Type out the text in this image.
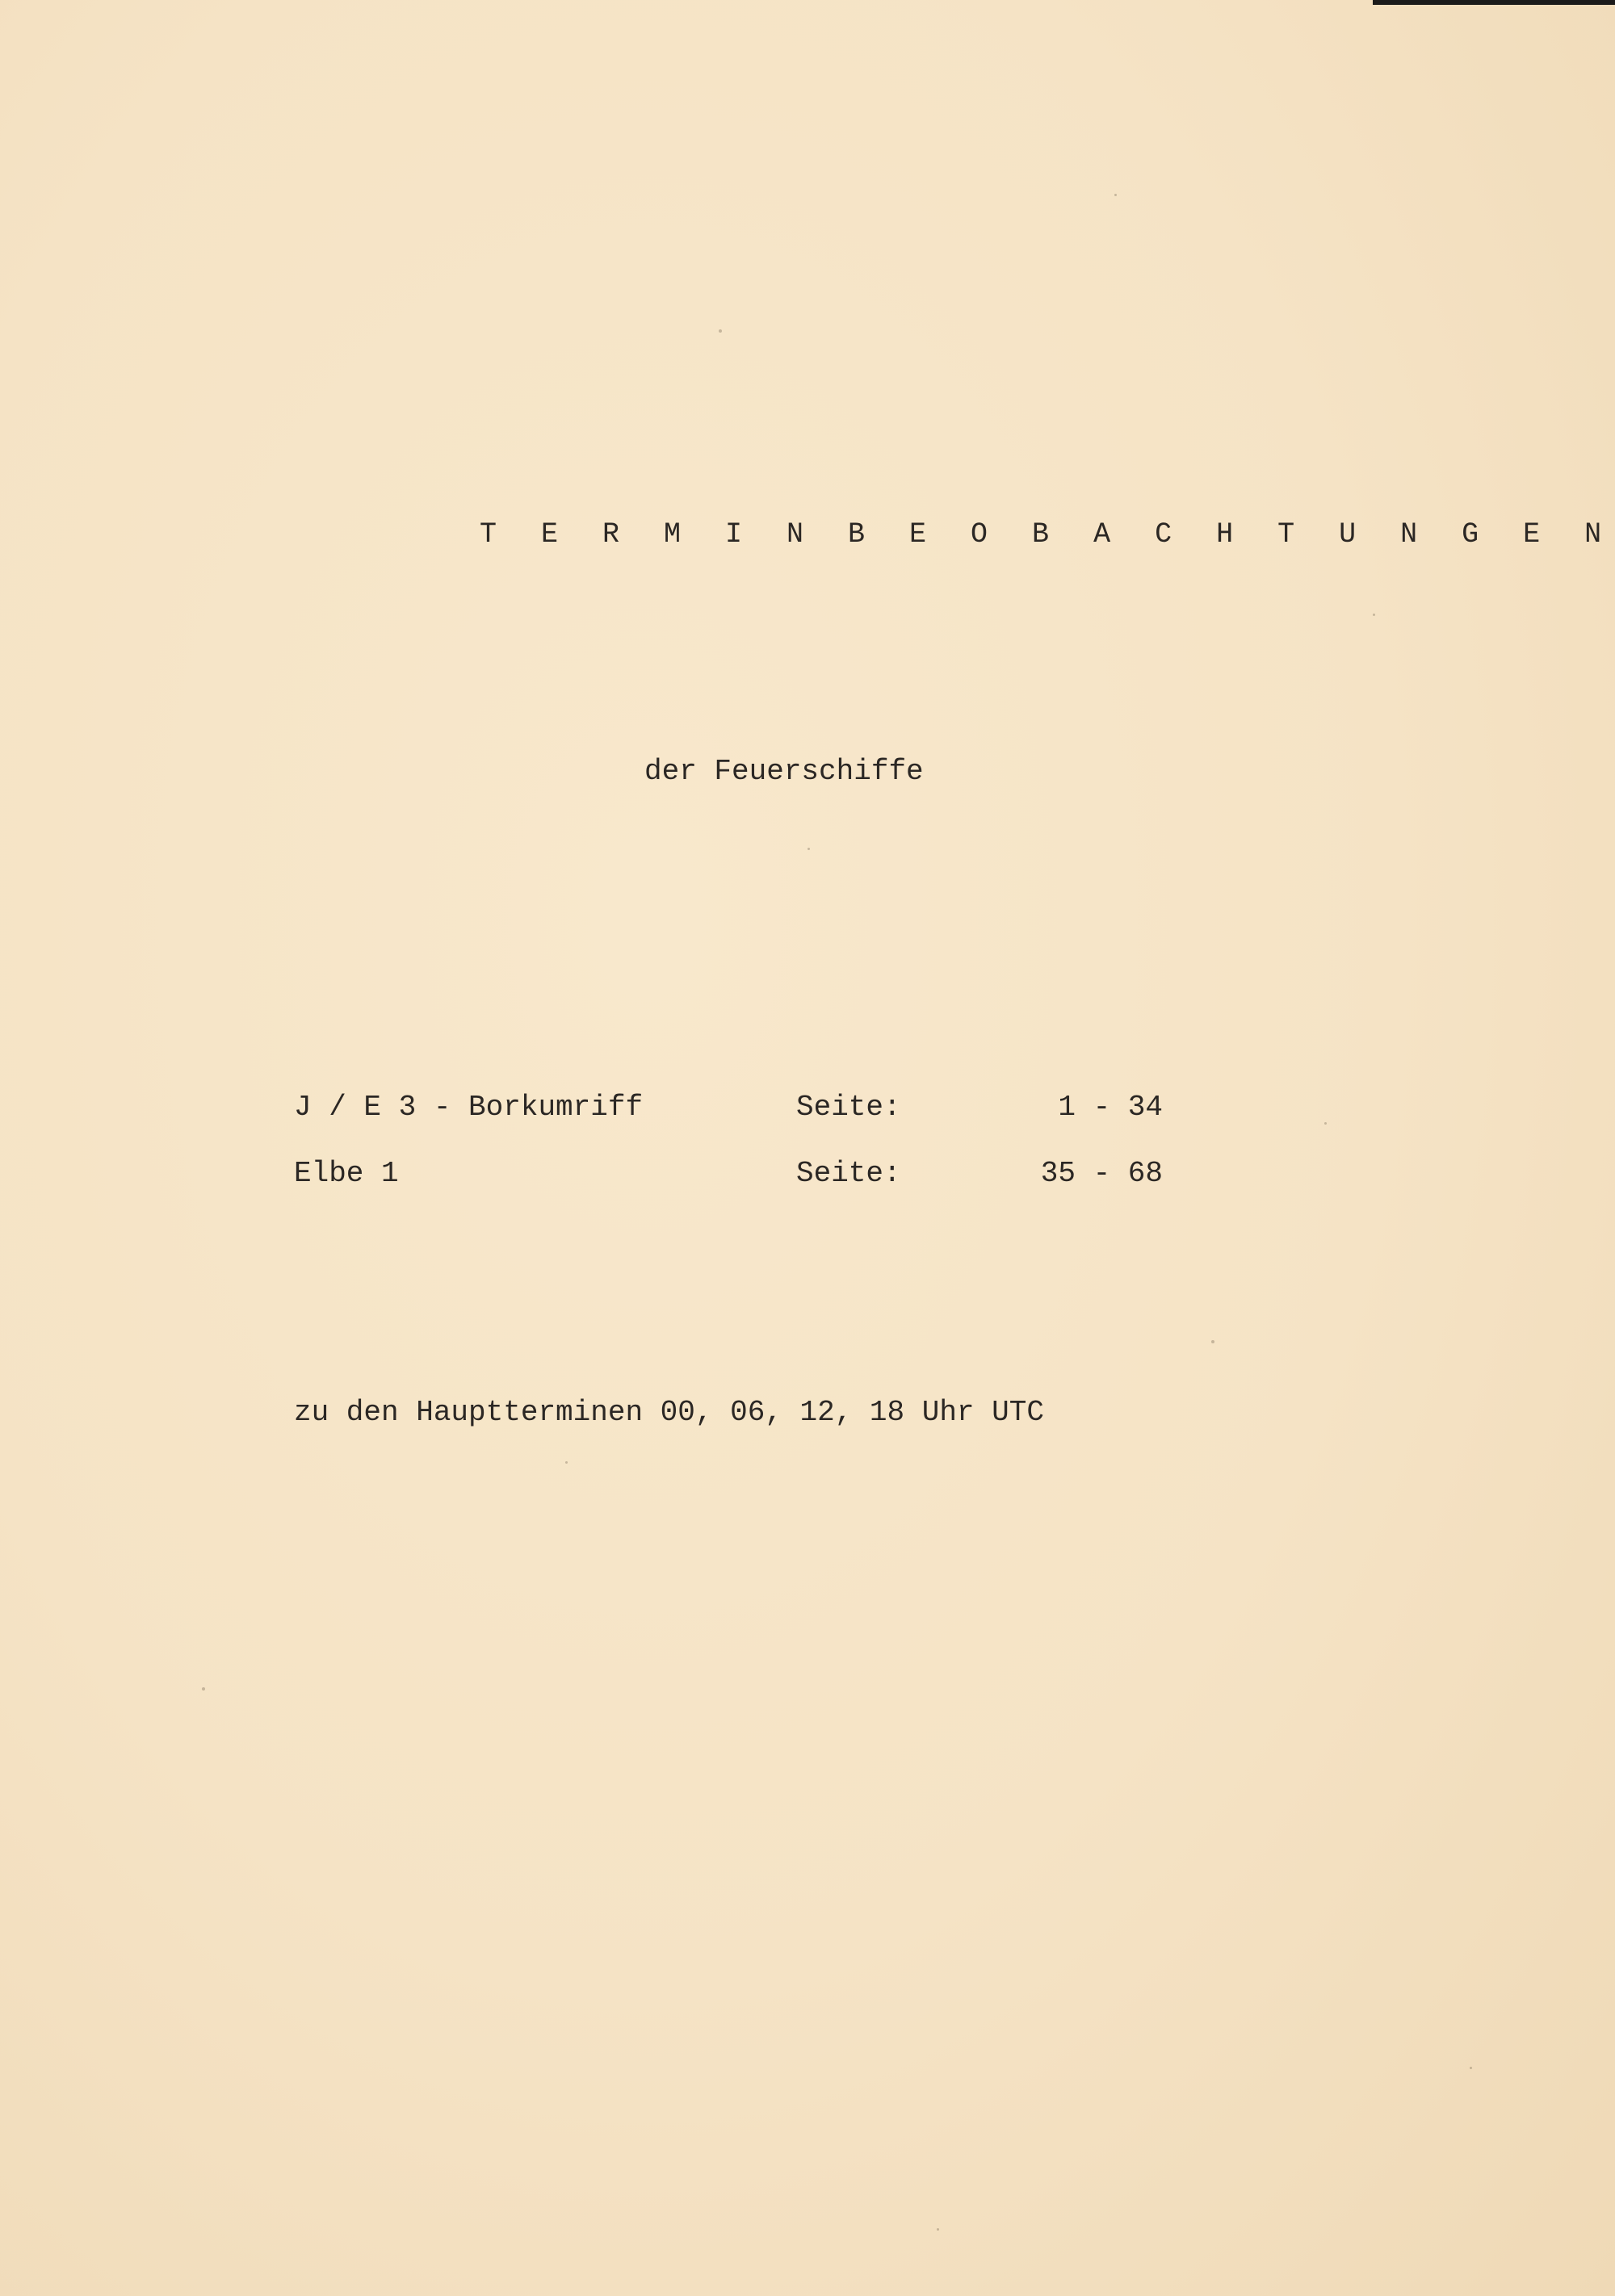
T E R M I N B E O B A C H T U N G E N
der Feuerschiffe
J / E 3 - Borkumriff	Seite:	1 - 34
Elbe 1	Seite:	35 - 68
zu den Hauptterminen 00, 06, 12, 18 Uhr UTC
